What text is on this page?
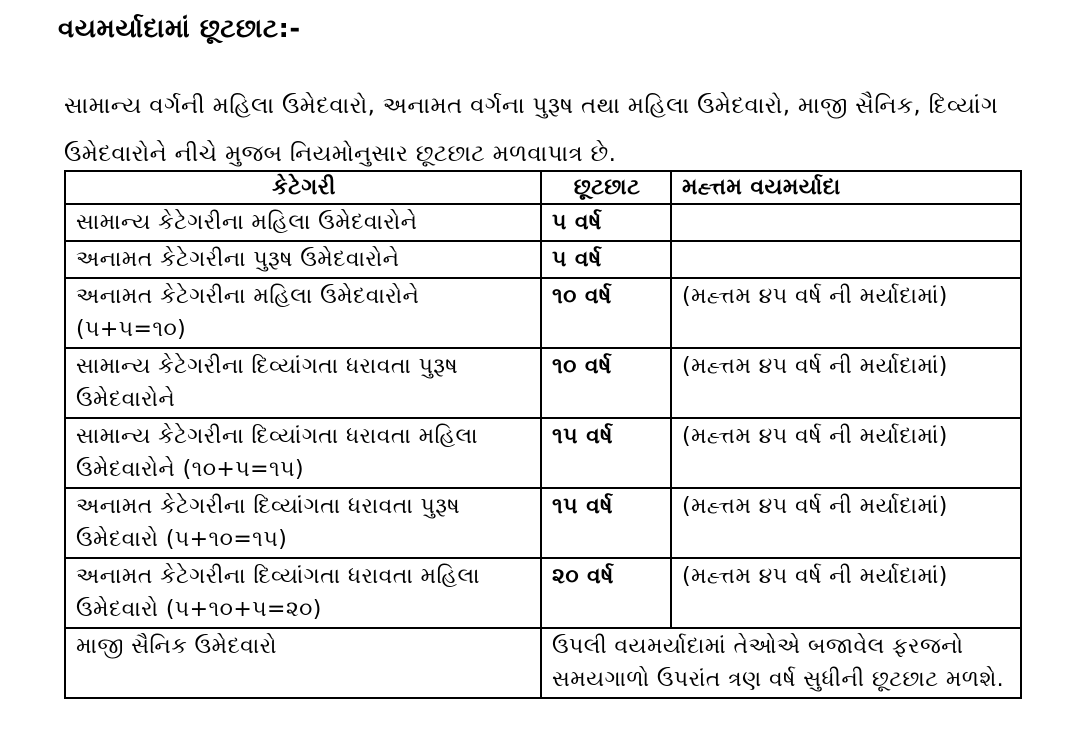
વયમર્યાદામાં છૂટછાટ:-
સામાન્ય વર્ગની મહિલા ઉમેદવારો, અનામત વર્ગના પુરૂષ તથા મહિલા ઉમેદવારો, માજી સૈનિક, દિવ્યાંગ ઉમેદવારોને નીચે મુજબ નિયમોનુસાર છૂટછાટ મળવાપાત્ર છે.
કેટેગરી	છૂટછાટ	મહ્ત્તમ વયમર્યાદા
સામાન્ય કેટેગરીના મહિલા ઉમેદવારોને	૫ વર્ષ	
અનામત કેટેગરીના પુરૂષ ઉમેદવારોને	૫ વર્ષ	
અનામત કેટેગરીના મહિલા ઉમેદવારોને (૫+૫=૧૦)	૧૦ વર્ષ	(મહ્ત્તમ ૪૫ વર્ષ ની મર્યાદામાં)
સામાન્ય કેટેગરીના દિવ્યાંગતા ધરાવતા પુરૂષ ઉમેદવારોને	૧૦ વર્ષ	(મહ્ત્તમ ૪૫ વર્ષ ની મર્યાદામાં)
સામાન્ય કેટેગરીના દિવ્યાંગતા ધરાવતા મહિલા ઉમેદવારોને (૧૦+૫=૧૫)	૧૫ વર્ષ	(મહ્ત્તમ ૪૫ વર્ષ ની મર્યાદામાં)
અનામત કેટેગરીના દિવ્યાંગતા ધરાવતા પુરૂષ ઉમેદવારો (૫+૧૦=૧૫)	૧૫ વર્ષ	(મહ્ત્તમ ૪૫ વર્ષ ની મર્યાદામાં)
અનામત કેટેગરીના દિવ્યાંગતા ધરાવતા મહિલા ઉમેદવારો (૫+૧૦+૫=૨૦)	૨૦ વર્ષ	(મહ્ત્તમ ૪૫ વર્ષ ની મર્યાદામાં)
માજી સૈનિક ઉમેદવારો	ઉપલી વયમર્યાદામાં તેઓએ બજાવેલ ફરજનો સમયગાળો ઉપરાંત ત્રણ વર્ષ સુધીની છૂટછાટ મળશે.	
